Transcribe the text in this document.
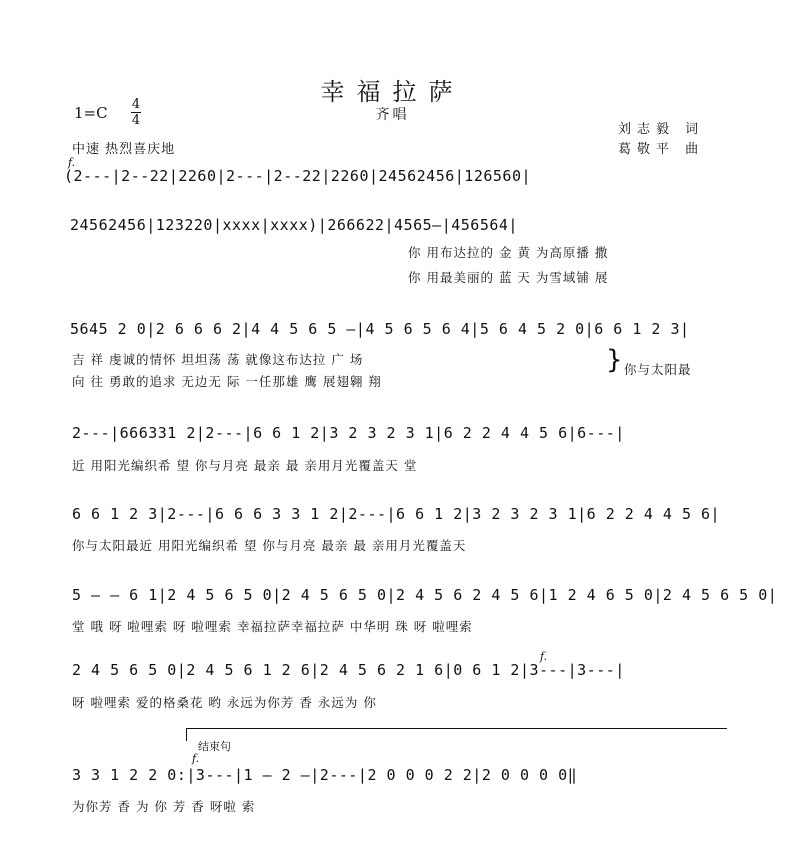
幸福拉萨
齐唱
1=C 4
4
中速 热烈喜庆地
刘志毅 词
葛敬平 曲
f.
f.
结束句
f.
(2---|2--22|2260|2---|2--22|2260|24562456|126560|
24562456|123220|xxxx|xxxx)|266622|4565—|456564|
你 用布达拉的 金 黄 为高原播 撒
你 用最美丽的 蓝 天 为雪域铺 展
5645 2 0|2 6 6 6 2|4 4 5 6 5 —|4 5 6 5 6 4|5 6 4 5 2 0|6 6 1 2 3|
吉 祥 虔诚的情怀 坦坦荡 荡 就像这布达拉 广 场
向 往 勇敢的追求 无边无 际 一任那雄 鹰 展翅翱 翔
} 你与太阳最
2---|666331 2|2---|6 6 1 2|3 2 3 2 3 1|6 2 2 4 4 5 6|6---|
近 用阳光编织希 望 你与月亮 最亲 最 亲用月光覆盖天 堂
6 6 1 2 3|2---|6 6 6 3 3 1 2|2---|6 6 1 2|3 2 3 2 3 1|6 2 2 4 4 5 6|
你与太阳最近 用阳光编织希 望 你与月亮 最亲 最 亲用月光覆盖天
5 — — 6 1|2 4 5 6 5 0|2 4 5 6 5 0|2 4 5 6 2 4 5 6|1 2 4 6 5 0|2 4 5 6 5 0|
堂 哦 呀 啦哩索 呀 啦哩索 幸福拉萨幸福拉萨 中华明 珠 呀 啦哩索
2 4 5 6 5 0|2 4 5 6 1 2 6|2 4 5 6 2 1 6|0 6 1 2|3---|3---|
呀 啦哩索 爱的格桑花 哟 永远为你芳 香 永远为 你
3 3 1 2 2 0:|3---|1 — 2 —|2---|2 0 0 0 2 2|2 0 0 0 0‖
为你芳 香 为 你 芳 香 呀啦 索
